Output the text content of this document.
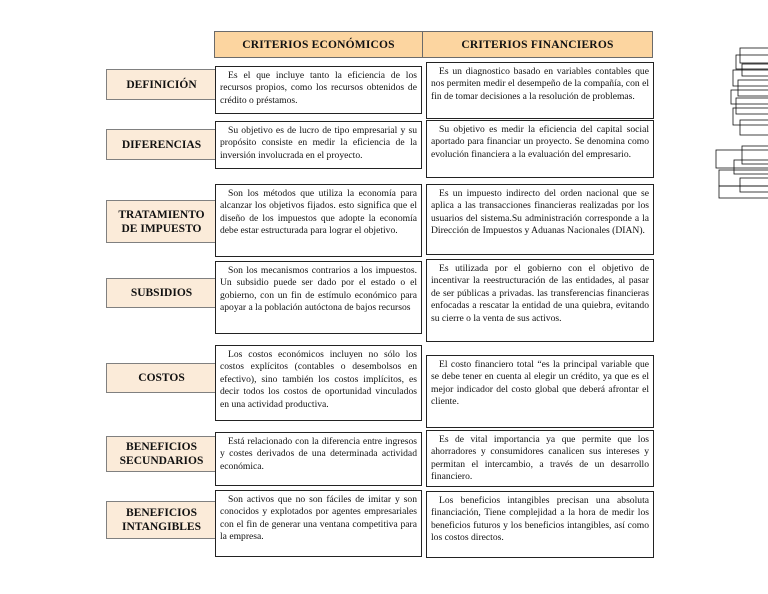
CRITERIOS ECONÓMICOS	CRITERIOS FINANCIEROS
DEFINICIÓN
Es el que incluye tanto la eficiencia de los recursos propios, como los recursos obtenidos de crédito o préstamos.
Es un diagnostico basado en variables contables que nos permiten medir el desempeño de la compañía, con el fin de tomar decisiones a la resolución de problemas.
DIFERENCIAS
Su objetivo es de lucro de tipo empresarial y su propósito consiste en medir la eficiencia de la inversión involucrada en el proyecto.
Su objetivo es medir la eficiencia del capital social aportado para financiar un proyecto. Se denomina como evolución financiera a la evaluación del empresario.
TRATAMIENTO DE IMPUESTO
Son los métodos que utiliza la economía para alcanzar los objetivos fijados. esto significa que el diseño de los impuestos que adopte la economía debe estar estructurada para lograr el objetivo.
Es un impuesto indirecto del orden nacional que se aplica a las transacciones financieras realizadas por los usuarios del sistema.Su administración corresponde a la Dirección de Impuestos y Aduanas Nacionales (DIAN).
SUBSIDIOS
Son los mecanismos contrarios a los impuestos. Un subsidio puede ser dado por el estado o el gobierno, con un fin de estímulo económico para apoyar a la población autóctona de bajos recursos
Es utilizada por el gobierno con el objetivo de incentivar la reestructuración de las entidades, al pasar de ser públicas a privadas. las transferencias financieras enfocadas a rescatar la entidad de una quiebra, evitando su cierre o la venta de sus activos.
COSTOS
Los costos económicos incluyen no sólo los costos explícitos (contables o desembolsos en efectivo), sino también los costos implícitos, es decir todos los costos de oportunidad vinculados en una actividad productiva.
El costo financiero total “es la principal variable que se debe tener en cuenta al elegir un crédito, ya que es el mejor indicador del costo global que deberá afrontar el cliente.
BENEFICIOS SECUNDARIOS
Está relacionado con la diferencia entre ingresos y costes derivados de una determinada actividad económica.
Es de vital importancia ya que permite que los ahorradores y consumidores canalicen sus intereses y permitan el intercambio, a través de un desarrollo financiero.
BENEFICIOS INTANGIBLES
Son activos que no son fáciles de imitar y son conocidos y explotados por agentes empresariales con el fin de generar una ventana competitiva para la empresa.
Los beneficios intangibles precisan una absoluta financiación, Tiene complejidad a la hora de medir los beneficios futuros y los beneficios intangibles, así como los costos directos.
